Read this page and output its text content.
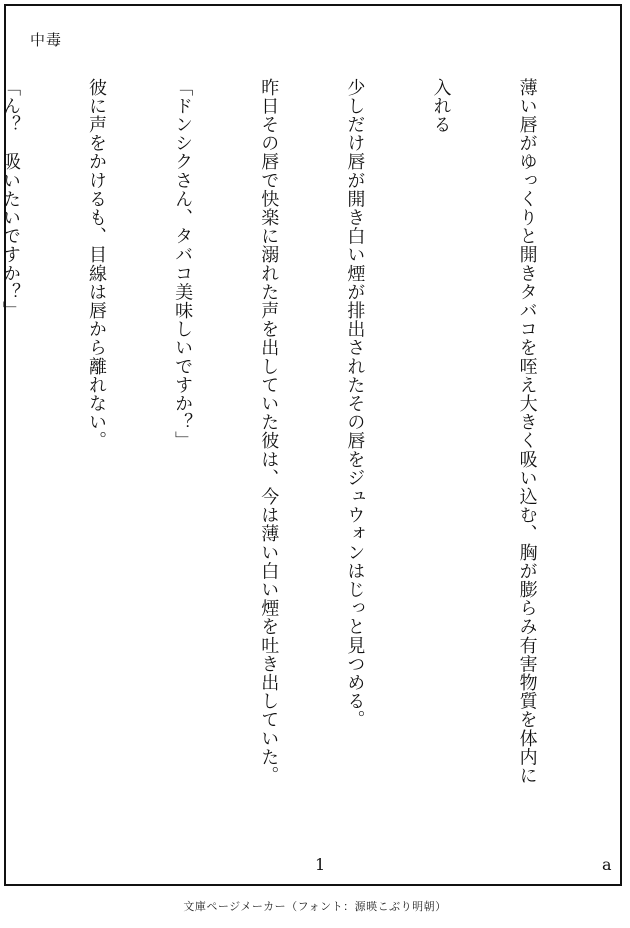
中毒

薄い唇がゆっくりと開きタバコを咥え大きく吸い込む、胸が膨らみ有害物質を体内に

入れる

少しだけ唇が開き白い煙が排出されたその唇をジュウォンはじっと見つめる。

昨日その唇で快楽に溺れた声を出していた彼は、今は薄い白い煙を吐き出していた。

「ドンシクさん、タバコ美味しいですか？」

彼に声をかけるも、目線は唇から離れない。

「ん？　吸いたいですか？」

1	a
文庫ページメーカー（フォント：源暎こぶり明朝）
